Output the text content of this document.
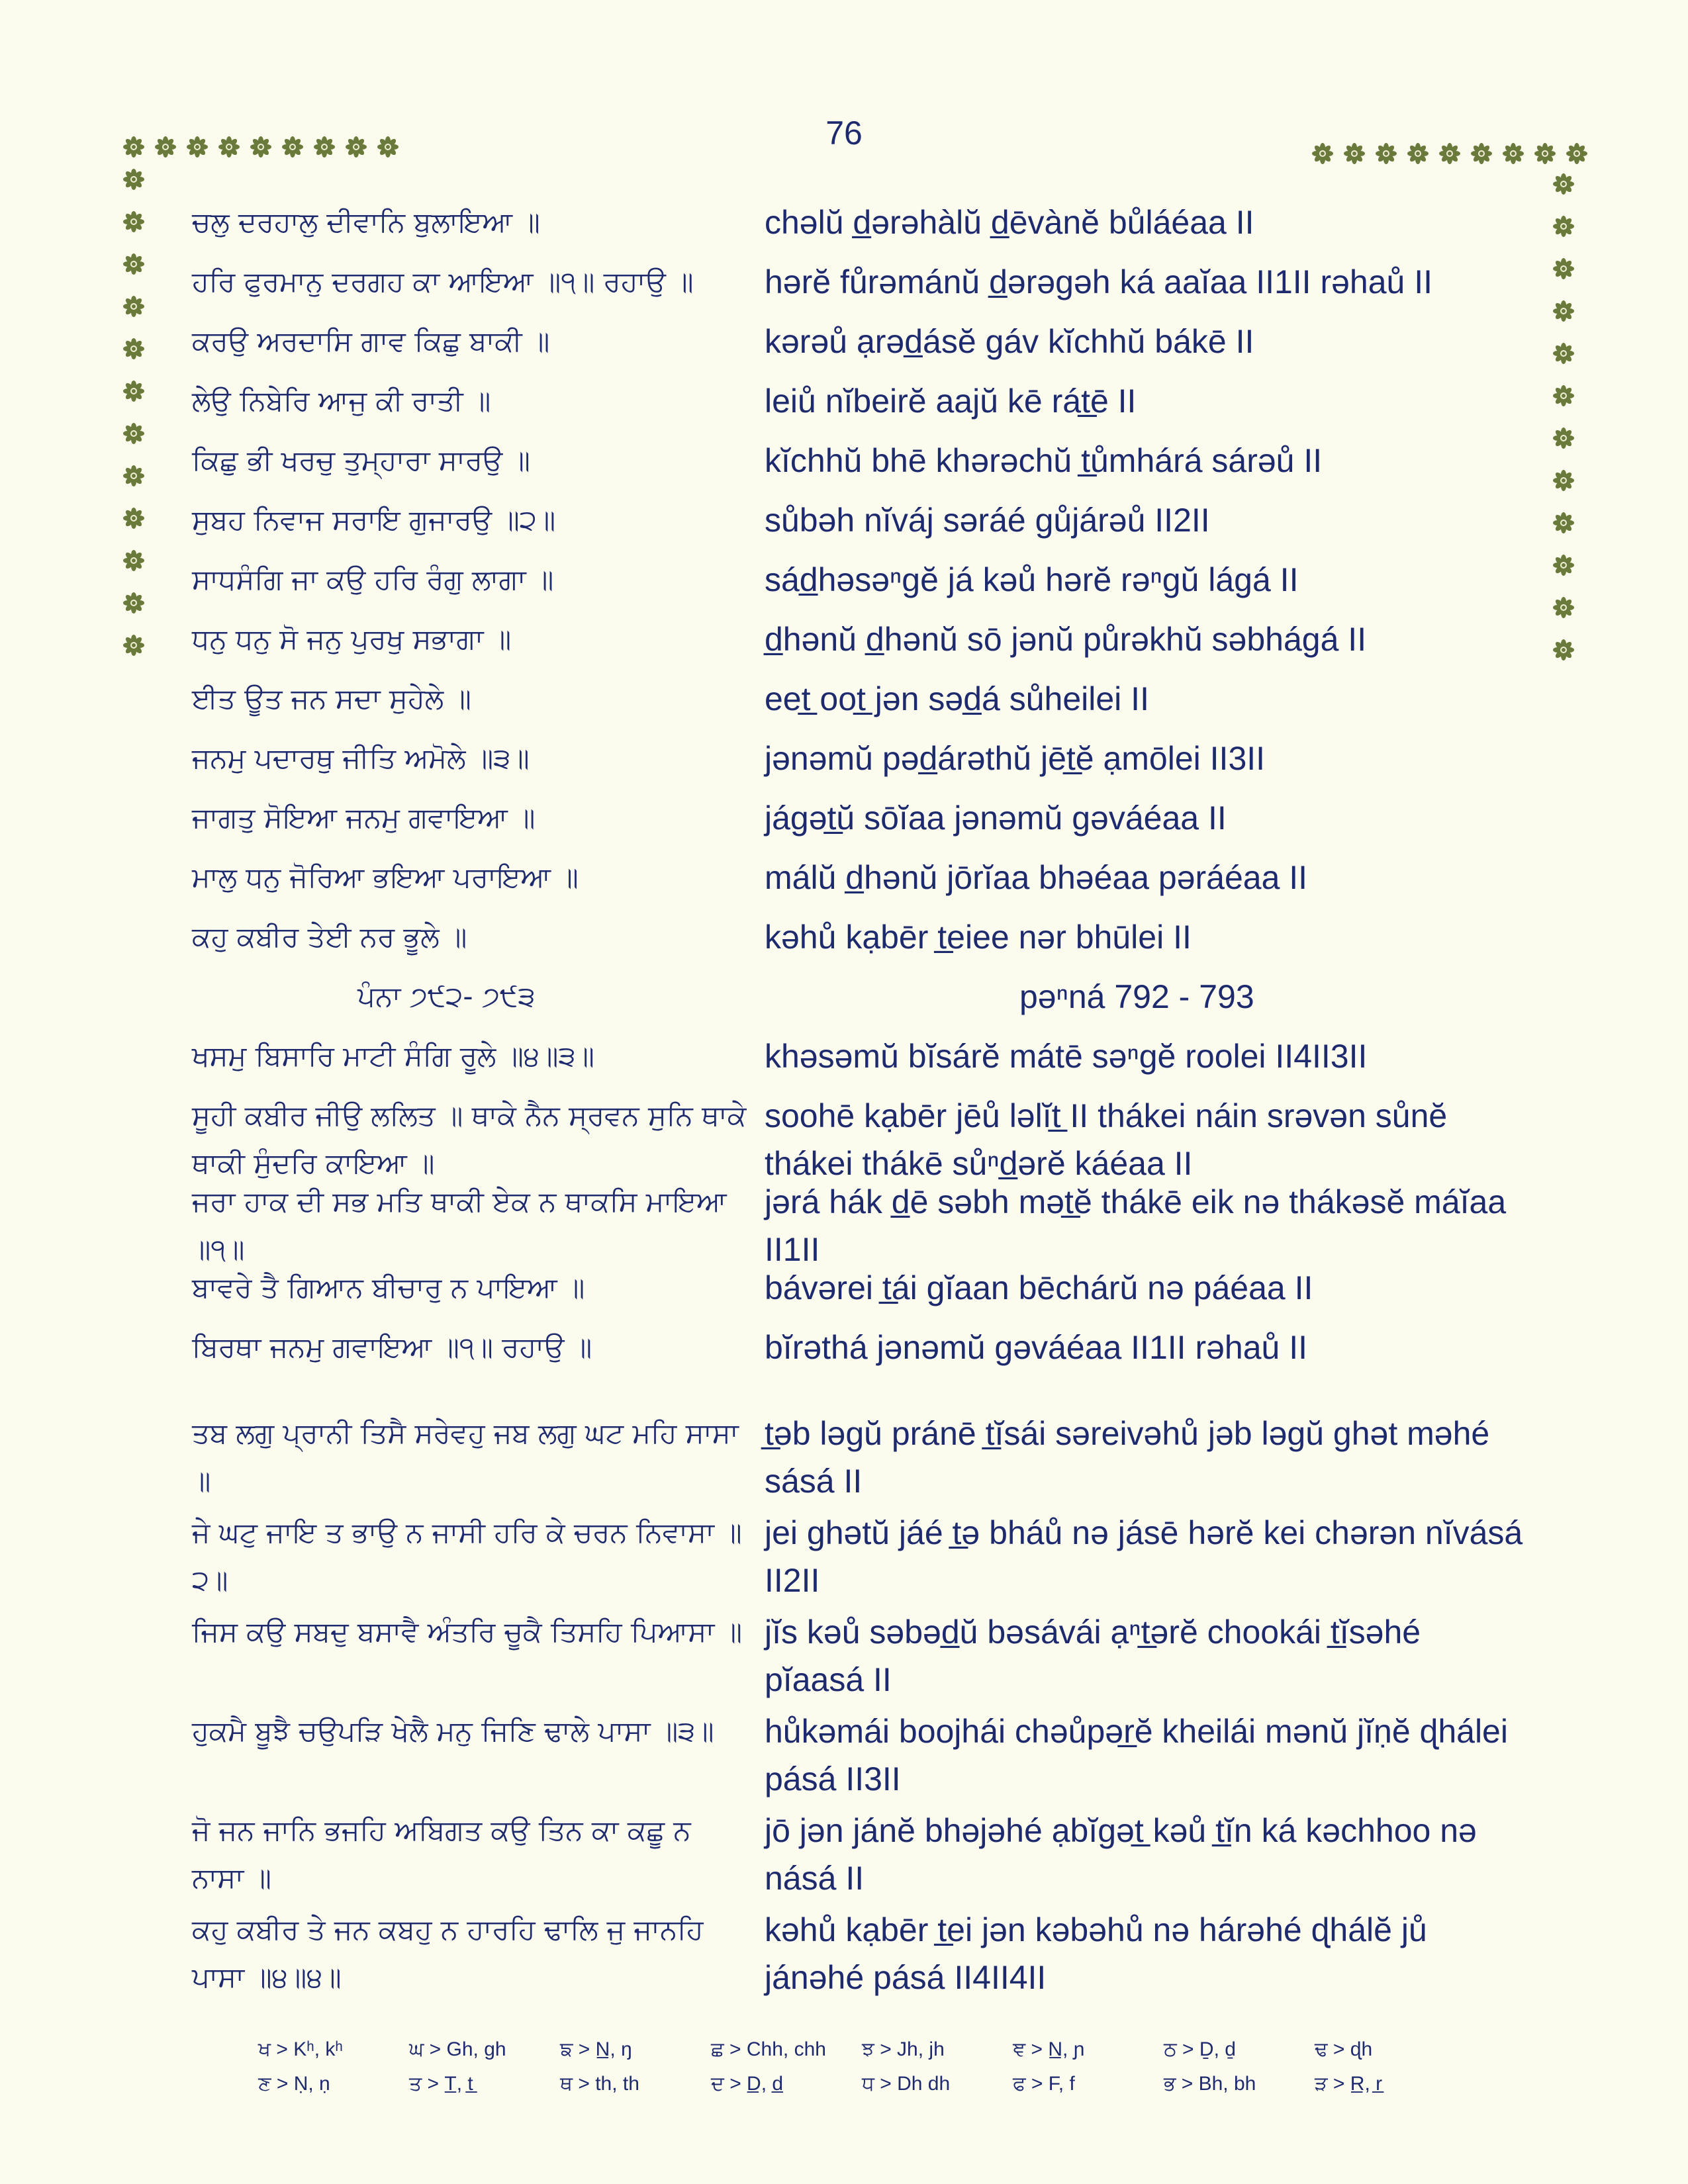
76
ਚਲੁ ਦਰਹਾਲੁ ਦੀਵਾਨਿ ਬੁਲਾਇਆ ॥	chəlŭ d̲ərəhàlŭ d̲ēvànĕ bůláéaa II
ਹਰਿ ਫੁਰਮਾਨੁ ਦਰਗਹ ਕਾ ਆਇਆ ॥੧॥ ਰਹਾਉ ॥	hərĕ fůrəmánŭ d̲ərəgəh ká aaĭaa II1II rəhaů II
ਕਰਉ ਅਰਦਾਸਿ ਗਾਵ ਕਿਛੁ ਬਾਕੀ ॥	kərəů ạrəd̲ásĕ gáv kĭchhŭ bákē II
ਲੇਉ ਨਿਬੇਰਿ ਆਜੁ ਕੀ ਰਾਤੀ ॥	leiů nĭbeirĕ aajŭ kē rát̲ē II
ਕਿਛੁ ਭੀ ਖਰਚੁ ਤੁਮ੍ਹਾਰਾ ਸਾਰਉ ॥	kĭchhŭ bhē khərəchŭ t̲ůmhárá sárəů II
ਸੁਬਹ ਨਿਵਾਜ ਸਰਾਇ ਗੁਜਾਰਉ ॥੨॥	sůbəh nĭváj səráé gůjárəů II2II
ਸਾਧਸੰਗਿ ਜਾ ਕਉ ਹਰਿ ਰੰਗੁ ਲਾਗਾ ॥	sád̲həsəⁿgĕ já kəů hərĕ rəⁿgŭ lágá II
ਧਨੁ ਧਨੁ ਸੋ ਜਨੁ ਪੁਰਖੁ ਸਭਾਗਾ ॥	d̲hənŭ d̲hənŭ sō jənŭ půrəkhŭ səbhágá II
ਈਤ ਊਤ ਜਨ ਸਦਾ ਸੁਹੇਲੇ ॥	eet̲ oot̲ jən səd̲á sůheilei II
ਜਨਮੁ ਪਦਾਰਥੁ ਜੀਤਿ ਅਮੋਲੇ ॥੩॥	jənəmŭ pəd̲árəthŭ jēt̲ĕ ạmōlei II3II
ਜਾਗਤੁ ਸੋਇਆ ਜਨਮੁ ਗਵਾਇਆ ॥	jágət̲ŭ sōĭaa jənəmŭ gəváéaa II
ਮਾਲੁ ਧਨੁ ਜੋਰਿਆ ਭਇਆ ਪਰਾਇਆ ॥	málŭ d̲hənŭ jōrĭaa bhəéaa pəráéaa II
ਕਹੁ ਕਬੀਰ ਤੇਈ ਨਰ ਭੂਲੇ ॥	kəhů kạbēr t̲eiee nər bhūlei II
ਪੰਨਾ ੭੯੨- ੭੯੩	pəⁿná 792 - 793
ਖਸਮੁ ਬਿਸਾਰਿ ਮਾਟੀ ਸੰਗਿ ਰੂਲੇ ॥੪॥੩॥	khəsəmŭ bĭsárĕ mátē səⁿgĕ roolei II4II3II
ਸੂਹੀ ਕਬੀਰ ਜੀਉ ਲਲਿਤ ॥ ਥਾਕੇ ਨੈਨ ਸ੍ਰਵਨ ਸੁਨਿ ਥਾਕੇ ਥਾਕੀ ਸੁੰਦਰਿ ਕਾਇਆ ॥
soohē kạbēr jēů ləlĭt̲ II thákei náin srəvən sůnĕ thákei thákē sůⁿd̲ərĕ káéaa II
ਜਰਾ ਹਾਕ ਦੀ ਸਭ ਮਤਿ ਥਾਕੀ ਏਕ ਨ ਥਾਕਸਿ ਮਾਇਆ ॥੧॥
jərá hák d̲ē səbh mət̲ĕ thákē eik nə thákəsĕ máĭaa II1II
ਬਾਵਰੇ ਤੈ ਗਿਆਨ ਬੀਚਾਰੁ ਨ ਪਾਇਆ ॥	bávərei t̲ái gĭaan bēchárŭ nə páéaa II
ਬਿਰਥਾ ਜਨਮੁ ਗਵਾਇਆ ॥੧॥ ਰਹਾਉ ॥	bĭrəthá jənəmŭ gəváéaa II1II rəhaů II
ਤਬ ਲਗੁ ਪ੍ਰਾਨੀ ਤਿਸੈ ਸਰੇਵਹੁ ਜਬ ਲਗੁ ਘਟ ਮਹਿ ਸਾਸਾ ॥
t̲əb ləgŭ pránē t̲ĭsái səreivəhů jəb ləgŭ ghət məhé sásá II
ਜੇ ਘਟੁ ਜਾਇ ਤ ਭਾਉ ਨ ਜਾਸੀ ਹਰਿ ਕੇ ਚਰਨ ਨਿਵਾਸਾ ॥੨॥
jei ghətŭ jáé t̲ə bháů nə jásē hərĕ kei chərən nĭvásá II2II
ਜਿਸ ਕਉ ਸਬਦੁ ਬਸਾਵੈ ਅੰਤਰਿ ਚੂਕੈ ਤਿਸਹਿ ਪਿਆਸਾ ॥ jĭs kəů səbəd̲ŭ bəsávái ạⁿt̲ərĕ chookái t̲ĭsəhé pĭaasá II
ਹੁਕਮੈ ਬੂਝੈ ਚਉਪੜਿ ਖੇਲੈ ਮਨੁ ਜਿਣਿ ਢਾਲੇ ਪਾਸਾ ॥੩॥	hůkəmái boojhái chəůpər̲ĕ kheilái mənŭ jĭṇĕ ɖhálei pásá II3II
ਜੋ ਜਨ ਜਾਨਿ ਭਜਹਿ ਅਬਿਗਤ ਕਉ ਤਿਨ ਕਾ ਕਛੂ ਨ ਨਾਸਾ ॥
jō jən jánĕ bhəjəhé ạbĭgət̲ kəů t̲ĭn ká kəchhoo nə násá II
ਕਹੁ ਕਬੀਰ ਤੇ ਜਨ ਕਬਹੁ ਨ ਹਾਰਹਿ ਢਾਲਿ ਜੁ ਜਾਨਹਿ ਪਾਸਾ ॥੪॥੪॥
kəhů kạbēr t̲ei jən kəbəhů nə hárəhé ɖhálĕ jů jánəhé pásá II4II4II
ਖ > Kʰ, kʰ	ਘ > Gh, gh	ਙ > N̲, ŋ	ਛ > Chh, chh ਝ > Jh, jh	ਞ > N̲, ɲ	ਠ > Ḏ, ḏ	ਢ > ɖh
ਣ > Ṇ, ṇ	ਤ > T̲, t̲	ਥ > th, th	ਦ > D̲, d̲	ਧ > Dh dh	ਫ > F, f	ਭ > Bh, bh	ੜ > R̲, r̲
